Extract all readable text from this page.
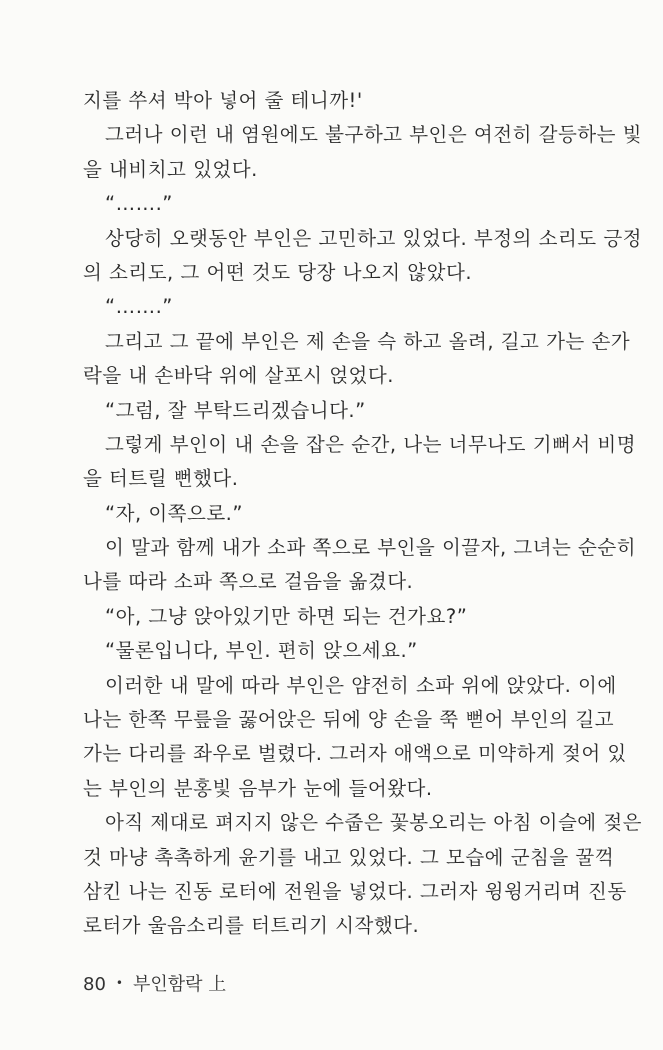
지를 쑤셔 박아 넣어 줄 테니까!'
그러나 이런 내 염원에도 불구하고 부인은 여전히 갈등하는 빛
을 내비치고 있었다.
“…….”
상당히 오랫동안 부인은 고민하고 있었다. 부정의 소리도 긍정
의 소리도, 그 어떤 것도 당장 나오지 않았다.
“…….”
그리고 그 끝에 부인은 제 손을 슥 하고 올려, 길고 가는 손가
락을 내 손바닥 위에 살포시 얹었다.
“그럼, 잘 부탁드리겠습니다.”
그렇게 부인이 내 손을 잡은 순간, 나는 너무나도 기뻐서 비명
을 터트릴 뻔했다.
“자, 이쪽으로.”
이 말과 함께 내가 소파 쪽으로 부인을 이끌자, 그녀는 순순히
나를 따라 소파 쪽으로 걸음을 옮겼다.
“아, 그냥 앉아있기만 하면 되는 건가요?”
“물론입니다, 부인. 편히 앉으세요.”
이러한 내 말에 따라 부인은 얌전히 소파 위에 앉았다. 이에
나는 한쪽 무릎을 꿇어앉은 뒤에 양 손을 쭉 뻗어 부인의 길고
가는 다리를 좌우로 벌렸다. 그러자 애액으로 미약하게 젖어 있
는 부인의 분홍빛 음부가 눈에 들어왔다.
아직 제대로 펴지지 않은 수줍은 꽃봉오리는 아침 이슬에 젖은
것 마냥 촉촉하게 윤기를 내고 있었다. 그 모습에 군침을 꿀꺽
삼킨 나는 진동 로터에 전원을 넣었다. 그러자 윙윙거리며 진동
로터가 울음소리를 터트리기 시작했다.
80 • 부인함락 上
